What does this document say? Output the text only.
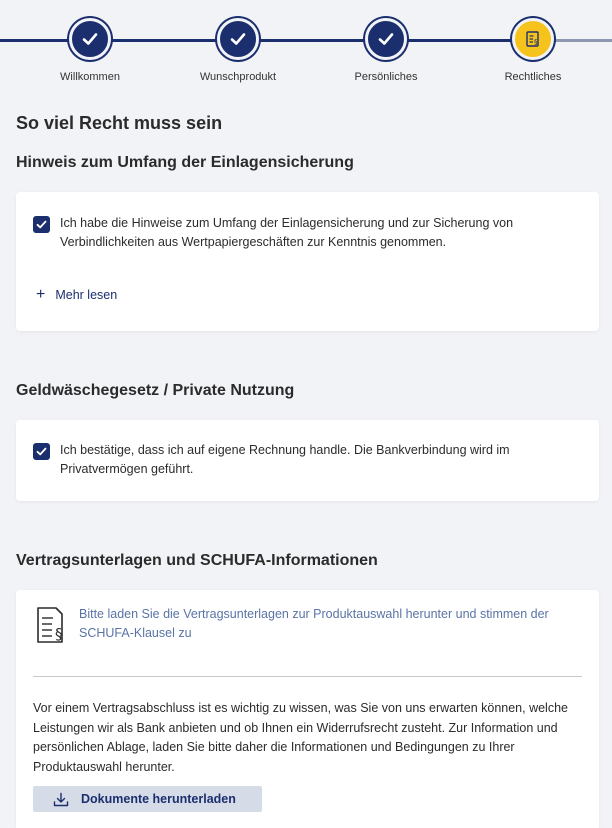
Willkommen	Wunschprodukt	Persönliches
§
Rechtliches
So viel Recht muss sein
Hinweis zum Umfang der Einlagensicherung
Ich habe die Hinweise zum Umfang der Einlagensicherung und zur Sicherung von Verbindlichkeiten aus Wertpapiergeschäften zur Kenntnis genommen.
+ Mehr lesen
Geldwäschegesetz / Private Nutzung
Ich bestätige, dass ich auf eigene Rechnung handle. Die Bankverbindung wird im Privatvermögen geführt.
Vertragsunterlagen und SCHUFA-Informationen
§
Bitte laden Sie die Vertragsunterlagen zur Produktauswahl herunter und stimmen der SCHUFA-Klausel zu
Vor einem Vertragsabschluss ist es wichtig zu wissen, was Sie von uns erwarten können, welche Leistungen wir als Bank anbieten und ob Ihnen ein Widerrufsrecht zusteht. Zur Information und persönlichen Ablage, laden Sie bitte daher die Informationen und Bedingungen zu Ihrer Produktauswahl herunter.
Dokumente herunterladen
